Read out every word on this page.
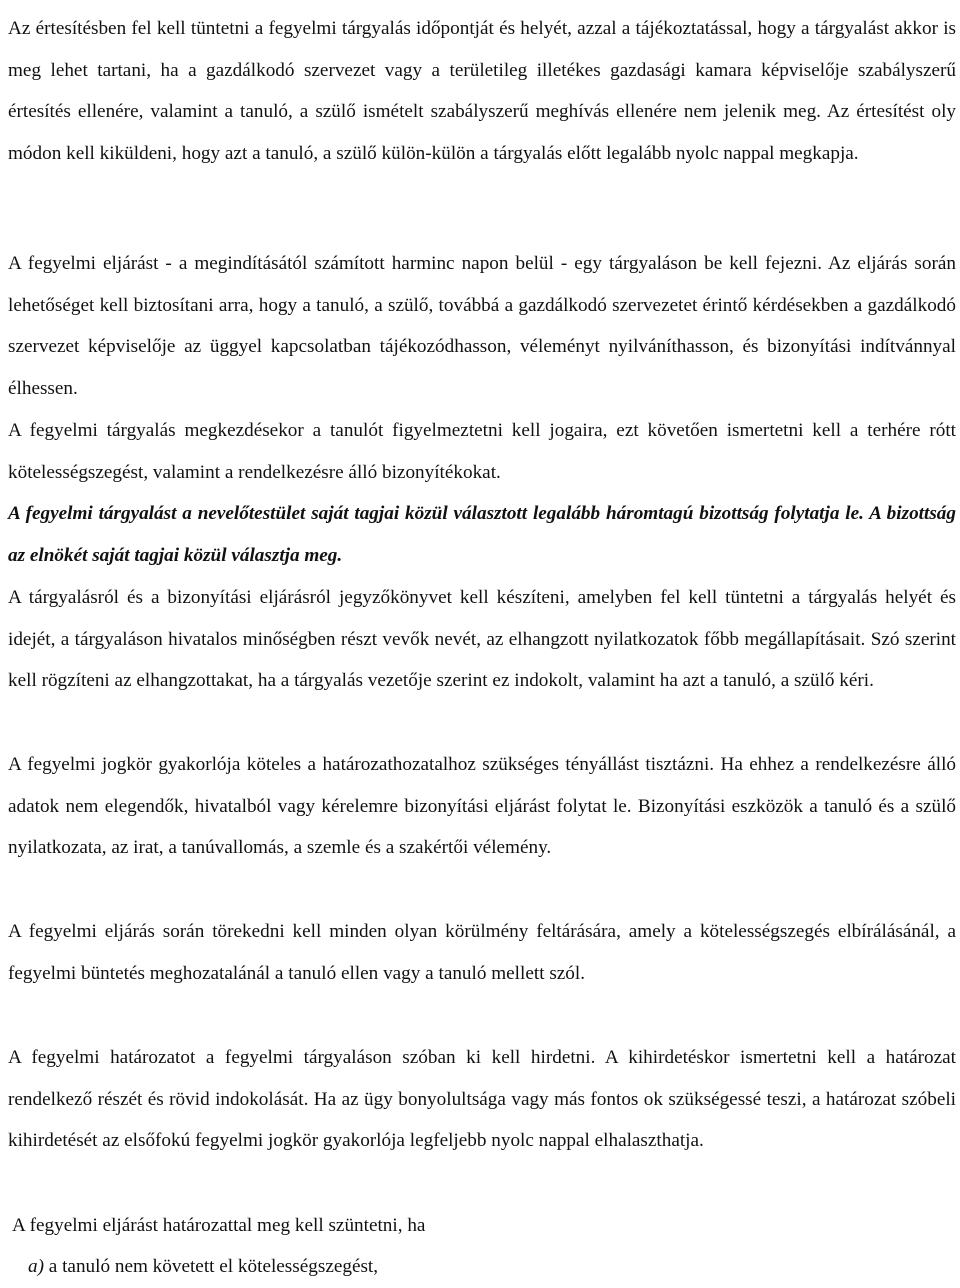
Az értesítésben fel kell tüntetni a fegyelmi tárgyalás időpontját és helyét, azzal a tájékoztatással, hogy a tárgyalást akkor is meg lehet tartani, ha a gazdálkodó szervezet vagy a területileg illetékes gazdasági kamara képviselője szabályszerű értesítés ellenére, valamint a tanuló, a szülő ismételt szabályszerű meghívás ellenére nem jelenik meg. Az értesítést oly módon kell kiküldeni, hogy azt a tanuló, a szülő külön-külön a tárgyalás előtt legalább nyolc nappal megkapja.

A fegyelmi eljárást - a megindításától számított harminc napon belül - egy tárgyaláson be kell fejezni. Az eljárás során lehetőséget kell biztosítani arra, hogy a tanuló, a szülő, továbbá a gazdálkodó szervezetet érintő kérdésekben a gazdálkodó szervezet képviselője az üggyel kapcsolatban tájékozódhasson, véleményt nyilváníthasson, és bizonyítási indítvánnyal élhessen.

A fegyelmi tárgyalás megkezdésekor a tanulót figyelmeztetni kell jogaira, ezt követően ismertetni kell a terhére rótt kötelességszegést, valamint a rendelkezésre álló bizonyítékokat.

A fegyelmi tárgyalást a nevelőtestület saját tagjai közül választott legalább háromtagú bizottság folytatja le. A bizottság az elnökét saját tagjai közül választja meg.

A tárgyalásról és a bizonyítási eljárásról jegyzőkönyvet kell készíteni, amelyben fel kell tüntetni a tárgyalás helyét és idejét, a tárgyaláson hivatalos minőségben részt vevők nevét, az elhangzott nyilatkozatok főbb megállapításait. Szó szerint kell rögzíteni az elhangzottakat, ha a tárgyalás vezetője szerint ez indokolt, valamint ha azt a tanuló, a szülő kéri.

A fegyelmi jogkör gyakorlója köteles a határozathozatalhoz szükséges tényállást tisztázni. Ha ehhez a rendelkezésre álló adatok nem elegendők, hivatalból vagy kérelemre bizonyítási eljárást folytat le. Bizonyítási eszközök a tanuló és a szülő nyilatkozata, az irat, a tanúvallomás, a szemle és a szakértői vélemény.

A fegyelmi eljárás során törekedni kell minden olyan körülmény feltárására, amely a kötelességszegés elbírálásánál, a fegyelmi büntetés meghozatalánál a tanuló ellen vagy a tanuló mellett szól.

A fegyelmi határozatot a fegyelmi tárgyaláson szóban ki kell hirdetni. A kihirdetéskor ismertetni kell a határozat rendelkező részét és rövid indokolását. Ha az ügy bonyolultsága vagy más fontos ok szükségessé teszi, a határozat szóbeli kihirdetését az elsőfokú fegyelmi jogkör gyakorlója legfeljebb nyolc nappal elhalaszthatja.

A fegyelmi eljárást határozattal meg kell szüntetni, ha

a) a tanuló nem követett el kötelességszegést,
